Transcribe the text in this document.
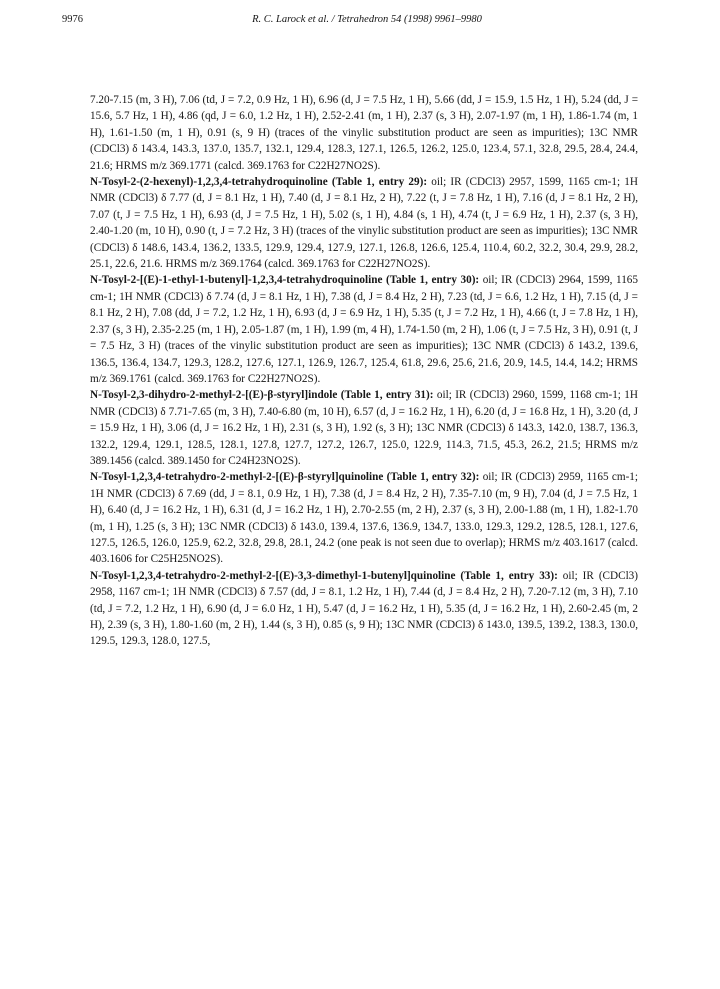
9976	R. C. Larock et al. / Tetrahedron 54 (1998) 9961–9980

7.20-7.15 (m, 3 H), 7.06 (td, J = 7.2, 0.9 Hz, 1 H), 6.96 (d, J = 7.5 Hz, 1 H), 5.66 (dd, J = 15.9, 1.5 Hz, 1 H), 5.24 (dd, J = 15.6, 5.7 Hz, 1 H), 4.86 (qd, J = 6.0, 1.2 Hz, 1 H), 2.52-2.41 (m, 1 H), 2.37 (s, 3 H), 2.07-1.97 (m, 1 H), 1.86-1.74 (m, 1 H), 1.61-1.50 (m, 1 H), 0.91 (s, 9 H) (traces of the vinylic substitution product are seen as impurities); 13C NMR (CDCl3) δ 143.4, 143.3, 137.0, 135.7, 132.1, 129.4, 128.3, 127.1, 126.5, 126.2, 125.0, 123.4, 57.1, 32.8, 29.5, 28.4, 24.4, 21.6; HRMS m/z 369.1771 (calcd. 369.1763 for C22H27NO2S).

N-Tosyl-2-(2-hexenyl)-1,2,3,4-tetrahydroquinoline (Table 1, entry 29): oil; IR (CDCl3) 2957, 1599, 1165 cm-1; 1H NMR (CDCl3) δ 7.77 (d, J = 8.1 Hz, 1 H), 7.40 (d, J = 8.1 Hz, 2 H), 7.22 (t, J = 7.8 Hz, 1 H), 7.16 (d, J = 8.1 Hz, 2 H), 7.07 (t, J = 7.5 Hz, 1 H), 6.93 (d, J = 7.5 Hz, 1 H), 5.02 (s, 1 H), 4.84 (s, 1 H), 4.74 (t, J = 6.9 Hz, 1 H), 2.37 (s, 3 H), 2.40-1.20 (m, 10 H), 0.90 (t, J = 7.2 Hz, 3 H) (traces of the vinylic substitution product are seen as impurities); 13C NMR (CDCl3) δ 148.6, 143.4, 136.2, 133.5, 129.9, 129.4, 127.9, 127.1, 126.8, 126.6, 125.4, 110.4, 60.2, 32.2, 30.4, 29.9, 28.2, 25.1, 22.6, 21.6. HRMS m/z 369.1764 (calcd. 369.1763 for C22H27NO2S).

N-Tosyl-2-[(E)-1-ethyl-1-butenyl]-1,2,3,4-tetrahydroquinoline (Table 1, entry 30): oil; IR (CDCl3) 2964, 1599, 1165 cm-1; 1H NMR (CDCl3) δ 7.74 (d, J = 8.1 Hz, 1 H), 7.38 (d, J = 8.4 Hz, 2 H), 7.23 (td, J = 6.6, 1.2 Hz, 1 H), 7.15 (d, J = 8.1 Hz, 2 H), 7.08 (dd, J = 7.2, 1.2 Hz, 1 H), 6.93 (d, J = 6.9 Hz, 1 H), 5.35 (t, J = 7.2 Hz, 1 H), 4.66 (t, J = 7.8 Hz, 1 H), 2.37 (s, 3 H), 2.35-2.25 (m, 1 H), 2.05-1.87 (m, 1 H), 1.99 (m, 4 H), 1.74-1.50 (m, 2 H), 1.06 (t, J = 7.5 Hz, 3 H), 0.91 (t, J = 7.5 Hz, 3 H) (traces of the vinylic substitution product are seen as impurities); 13C NMR (CDCl3) δ 143.2, 139.6, 136.5, 136.4, 134.7, 129.3, 128.2, 127.6, 127.1, 126.9, 126.7, 125.4, 61.8, 29.6, 25.6, 21.6, 20.9, 14.5, 14.4, 14.2; HRMS m/z 369.1761 (calcd. 369.1763 for C22H27NO2S).

N-Tosyl-2,3-dihydro-2-methyl-2-[(E)-β-styryl]indole (Table 1, entry 31): oil; IR (CDCl3) 2960, 1599, 1168 cm-1; 1H NMR (CDCl3) δ 7.71-7.65 (m, 3 H), 7.40-6.80 (m, 10 H), 6.57 (d, J = 16.2 Hz, 1 H), 6.20 (d, J = 16.8 Hz, 1 H), 3.20 (d, J = 15.9 Hz, 1 H), 3.06 (d, J = 16.2 Hz, 1 H), 2.31 (s, 3 H), 1.92 (s, 3 H); 13C NMR (CDCl3) δ 143.3, 142.0, 138.7, 136.3, 132.2, 129.4, 129.1, 128.5, 128.1, 127.8, 127.7, 127.2, 126.7, 125.0, 122.9, 114.3, 71.5, 45.3, 26.2, 21.5; HRMS m/z 389.1456 (calcd. 389.1450 for C24H23NO2S).

N-Tosyl-1,2,3,4-tetrahydro-2-methyl-2-[(E)-β-styryl]quinoline (Table 1, entry 32): oil; IR (CDCl3) 2959, 1165 cm-1; 1H NMR (CDCl3) δ 7.69 (dd, J = 8.1, 0.9 Hz, 1 H), 7.38 (d, J = 8.4 Hz, 2 H), 7.35-7.10 (m, 9 H), 7.04 (d, J = 7.5 Hz, 1 H), 6.40 (d, J = 16.2 Hz, 1 H), 6.31 (d, J = 16.2 Hz, 1 H), 2.70-2.55 (m, 2 H), 2.37 (s, 3 H), 2.00-1.88 (m, 1 H), 1.82-1.70 (m, 1 H), 1.25 (s, 3 H); 13C NMR (CDCl3) δ 143.0, 139.4, 137.6, 136.9, 134.7, 133.0, 129.3, 129.2, 128.5, 128.1, 127.6, 127.5, 126.5, 126.0, 125.9, 62.2, 32.8, 29.8, 28.1, 24.2 (one peak is not seen due to overlap); HRMS m/z 403.1617 (calcd. 403.1606 for C25H25NO2S).

N-Tosyl-1,2,3,4-tetrahydro-2-methyl-2-[(E)-3,3-dimethyl-1-butenyl]quinoline (Table 1, entry 33): oil; IR (CDCl3) 2958, 1167 cm-1; 1H NMR (CDCl3) δ 7.57 (dd, J = 8.1, 1.2 Hz, 1 H), 7.44 (d, J = 8.4 Hz, 2 H), 7.20-7.12 (m, 3 H), 7.10 (td, J = 7.2, 1.2 Hz, 1 H), 6.90 (d, J = 6.0 Hz, 1 H), 5.47 (d, J = 16.2 Hz, 1 H), 5.35 (d, J = 16.2 Hz, 1 H), 2.60-2.45 (m, 2 H), 2.39 (s, 3 H), 1.80-1.60 (m, 2 H), 1.44 (s, 3 H), 0.85 (s, 9 H); 13C NMR (CDCl3) δ 143.0, 139.5, 139.2, 138.3, 130.0, 129.5, 129.3, 128.0, 127.5,
